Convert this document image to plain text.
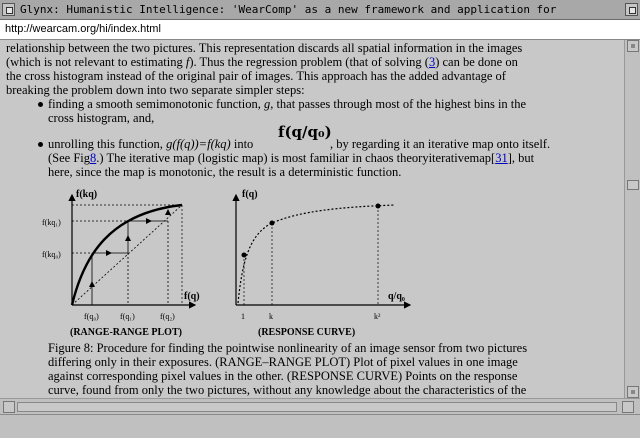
Glynx: Humanistic Intelligence: 'WearComp' as a new framework and application for
http://wearcam.org/hi/index.html
relationship between the two pictures. This representation discards all spatial information in the images
(which is not relevant to estimating f). Thus the regression problem (that of solving (3) can be done on
the cross histogram instead of the original pair of images. This approach has the added advantage of
breaking the problem down into two separate simpler steps:
finding a smooth semimonotonic function, g, that passes through most of the highest bins in the
cross histogram, and,
f(q/q₀)
unrolling this function, g(f(q))=f(kq) into	, by regarding it an iterative map onto itself.
(See Fig8.) The iterative map (logistic map) is most familiar in chaos theoryiterativemap[31], but
here, since the map is monotonic, the result is a deterministic function.
f(kq)
f(q)
f(kq₁)
f(kq₀)
f(q₀)	f(q₁)	f(q₂)
f(q)
q/q₀
1	k	k²
(RANGE-RANGE PLOT)	(RESPONSE CURVE)
Figure 8: Procedure for finding the pointwise nonlinearity of an image sensor from two pictures
differing only in their exposures. (RANGE–RANGE PLOT) Plot of pixel values in one image
against corresponding pixel values in the other. (RESPONSE CURVE) Points on the response
curve, found from only the two pictures, without any knowledge about the characteristics of the
